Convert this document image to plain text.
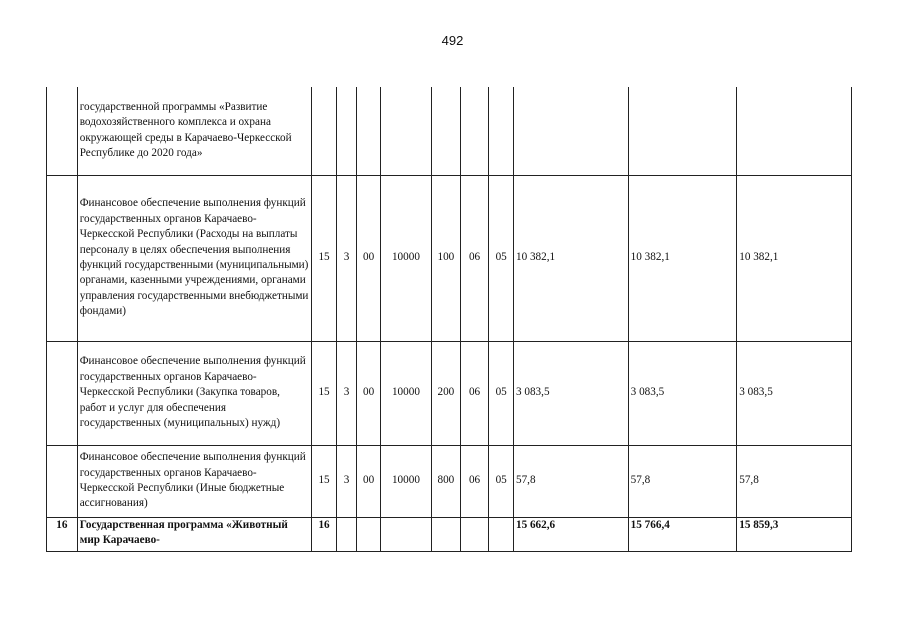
492
	государственной программы «Развитие водохозяйственного комплекса и охрана окружающей среды в Карачаево-Черкесской Республике до 2020 года»										
	Финансовое обеспечение выполнения функций государственных органов Карачаево-Черкесской Республики (Расходы на выплаты персоналу в целях обеспечения выполнения функций государственными (муниципальными) органами, казенными учреждениями, органами управления государственными внебюджетными фондами)	15	3	00	10000	100	06	05	10 382,1	10 382,1	10 382,1
	Финансовое обеспечение выполнения функций государственных органов Карачаево-Черкесской Республики (Закупка товаров, работ и услуг для обеспечения государственных (муниципальных) нужд)	15	3	00	10000	200	06	05	3 083,5	3 083,5	3 083,5
	Финансовое обеспечение выполнения функций государственных органов Карачаево-Черкесской Республики (Иные бюджетные ассигнования)	15	3	00	10000	800	06	05	57,8	57,8	57,8
16	Государственная программа «Животный мир Карачаево-	16							15 662,6	15 766,4	15 859,3
